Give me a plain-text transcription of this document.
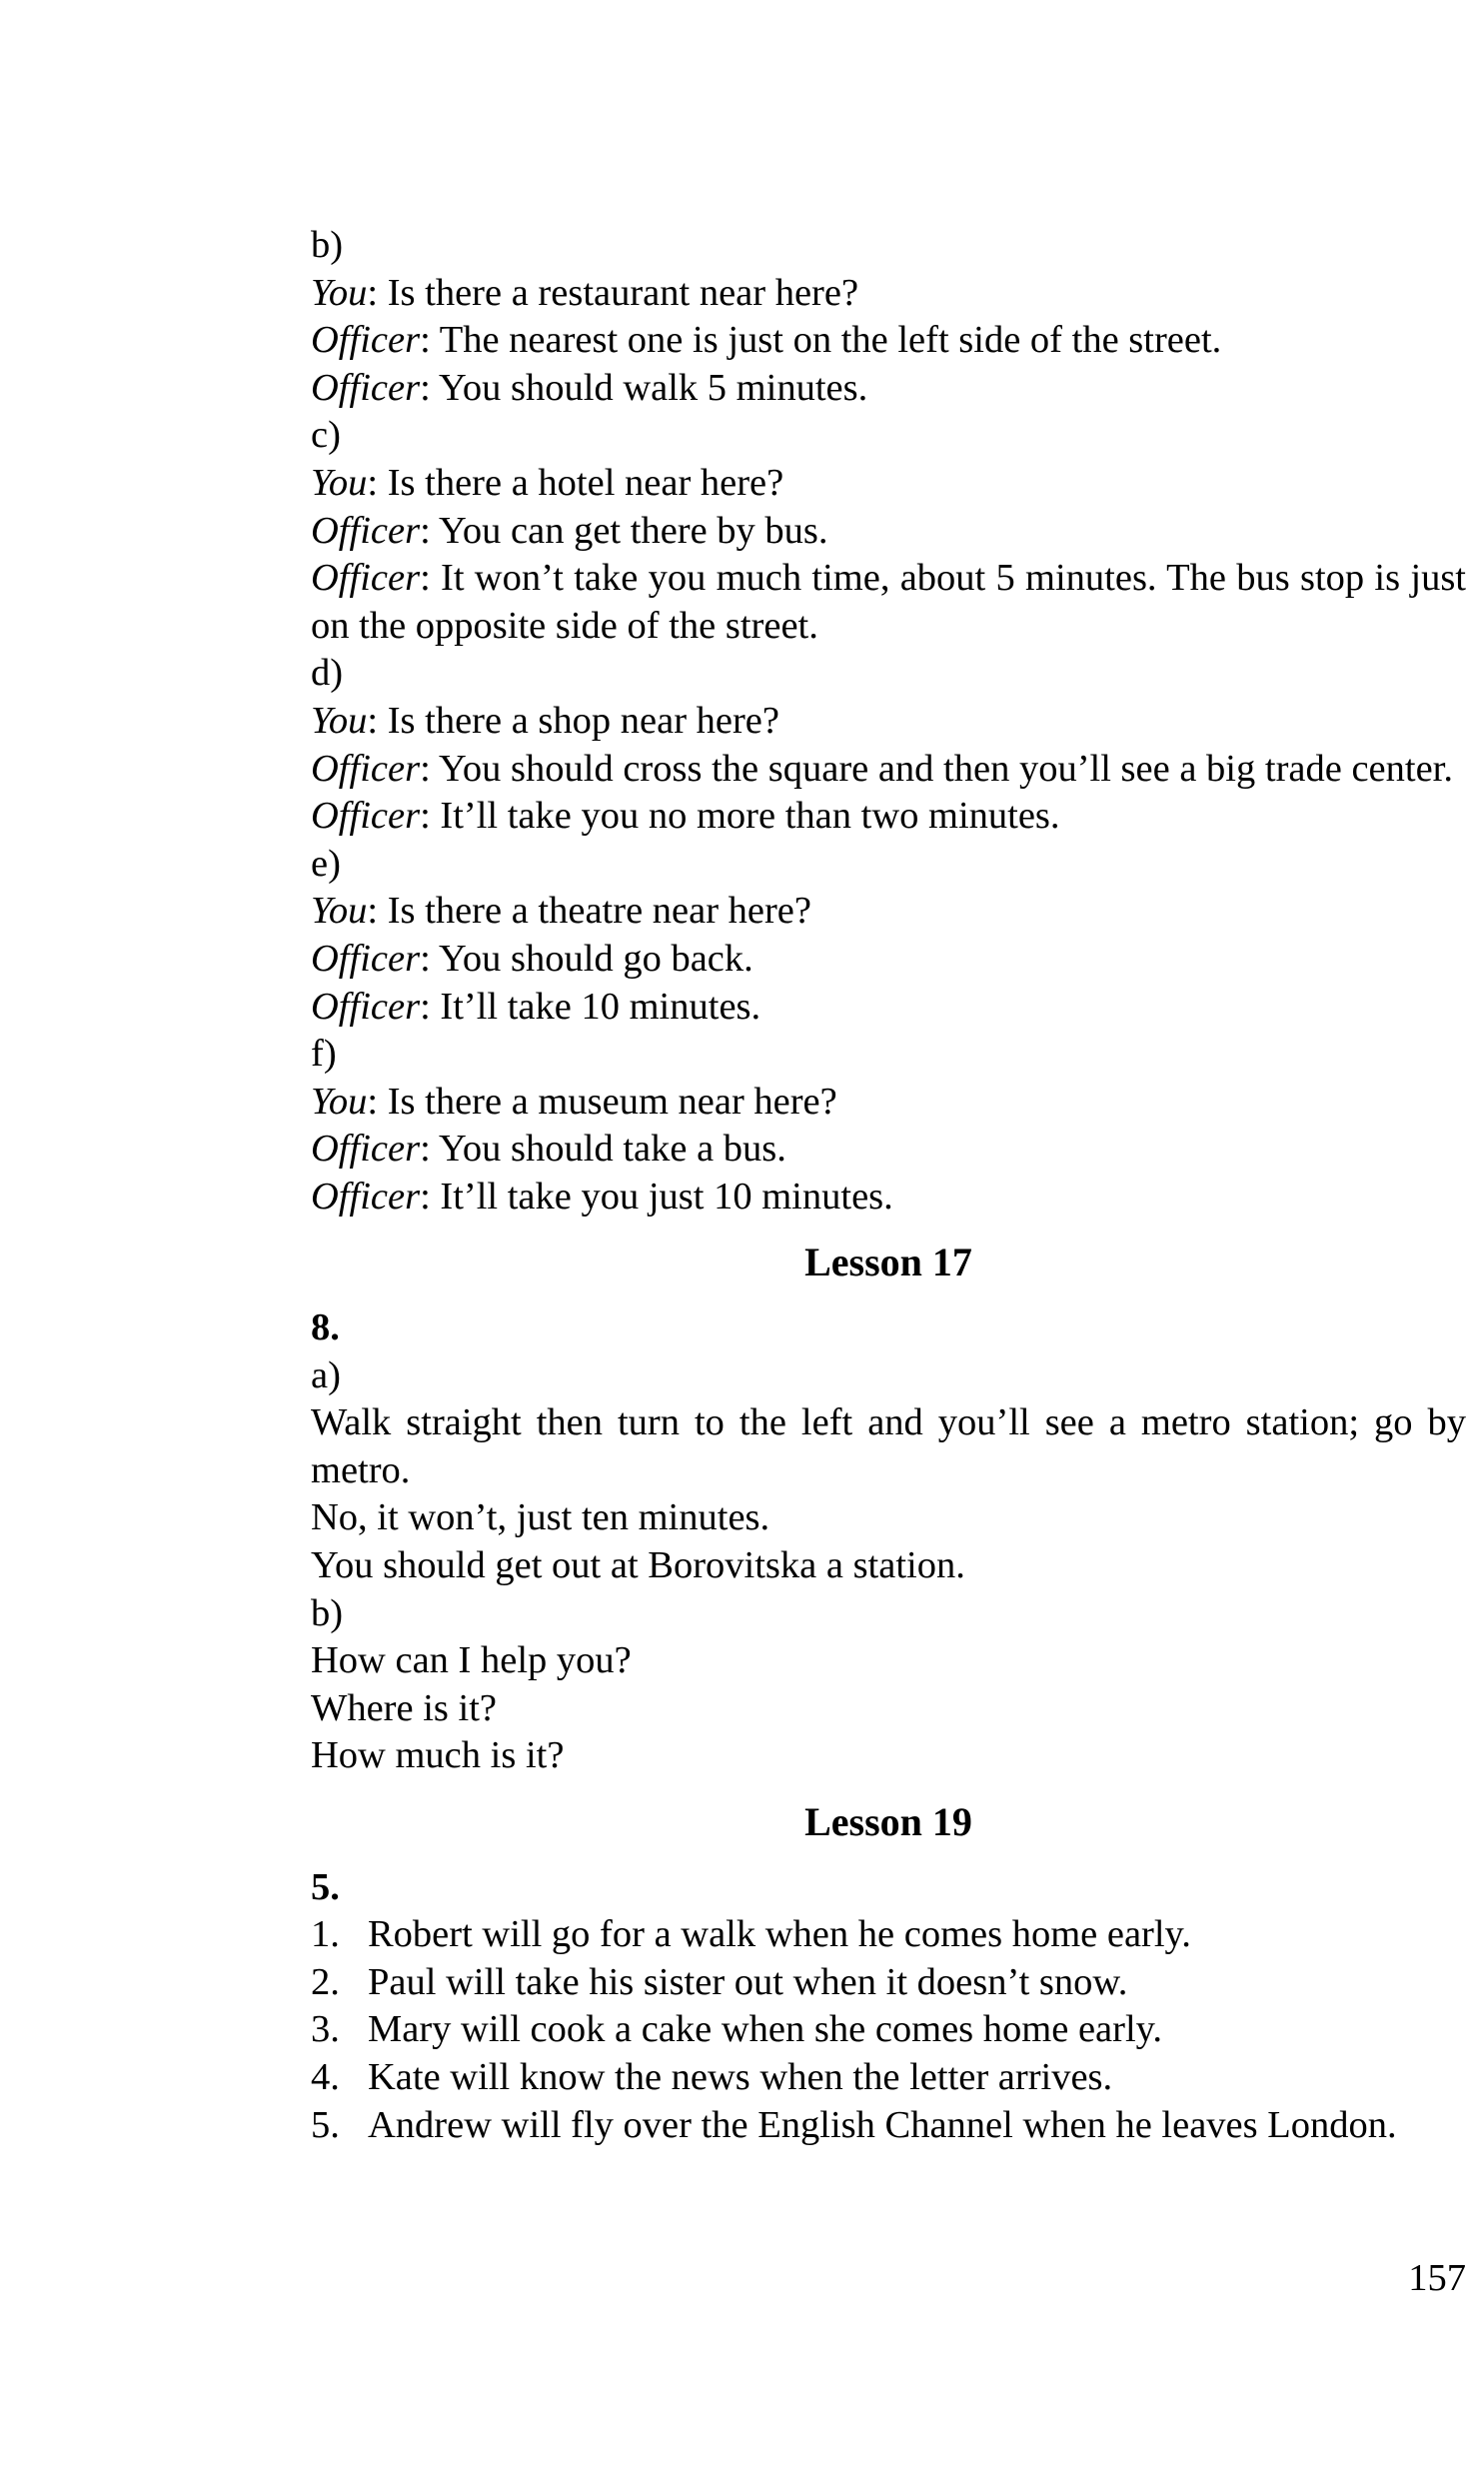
b)
You: Is there a restaurant near here?
Officer: The nearest one is just on the left side of the street.
Officer: You should walk 5 minutes.
c)
You: Is there a hotel near here?
Officer: You can get there by bus.
Officer: It won’t take you much time, about 5 minutes. The bus stop is just on the opposite side of the street.
d)
You: Is there a shop near here?
Officer: You should cross the square and then you’ll see a big trade center.
Officer: It’ll take you no more than two minutes.
e)
You: Is there a theatre near here?
Officer: You should go back.
Officer: It’ll take 10 minutes.
f)
You: Is there a museum near here?
Officer: You should take a bus.
Officer: It’ll take you just 10 minutes.
Lesson 17
8.
a)
Walk straight then turn to the left and you’ll see a metro station; go by metro.
No, it won’t, just ten minutes.
You should get out at Borovitska a station.
b)
How can I help you?
Where is it?
How much is it?
Lesson 19
5.
1. Robert will go for a walk when he comes home early.
2. Paul will take his sister out when it doesn’t snow.
3. Mary will cook a cake when she comes home early.
4. Kate will know the news when the letter arrives.
5. Andrew will fly over the English Channel when he leaves London.
157
